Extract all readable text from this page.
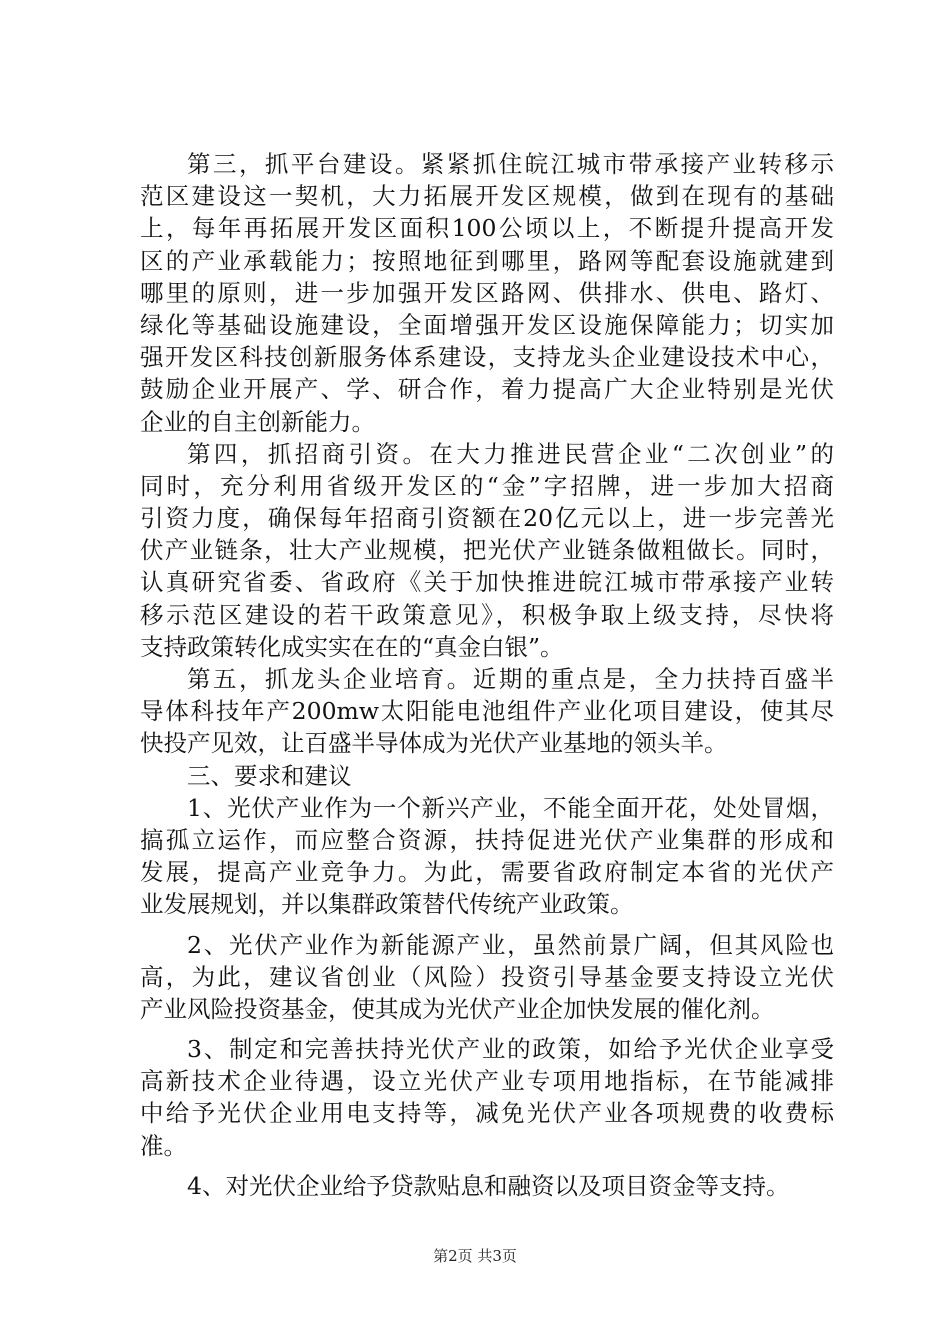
第三，抓平台建设。紧紧抓住皖江城市带承接产业转移示
范区建设这一契机，大力拓展开发区规模，做到在现有的基础
上，每年再拓展开发区面积100公顷以上，不断提升提高开发
区的产业承载能力；按照地征到哪里，路网等配套设施就建到
哪里的原则，进一步加强开发区路网、供排水、供电、路灯、
绿化等基础设施建设，全面增强开发区设施保障能力；切实加
强开发区科技创新服务体系建设，支持龙头企业建设技术中心，
鼓励企业开展产、学、研合作，着力提高广大企业特别是光伏
企业的自主创新能力。
第四，抓招商引资。在大力推进民营企业“二次创业”的
同时，充分利用省级开发区的“金”字招牌，进一步加大招商
引资力度，确保每年招商引资额在20亿元以上，进一步完善光
伏产业链条，壮大产业规模，把光伏产业链条做粗做长。同时，
认真研究省委、省政府《关于加快推进皖江城市带承接产业转
移示范区建设的若干政策意见》，积极争取上级支持，尽快将
支持政策转化成实实在在的“真金白银”。
第五，抓龙头企业培育。近期的重点是，全力扶持百盛半
导体科技年产200mw太阳能电池组件产业化项目建设，使其尽
快投产见效，让百盛半导体成为光伏产业基地的领头羊。
三、要求和建议
1、光伏产业作为一个新兴产业，不能全面开花，处处冒烟，
搞孤立运作，而应整合资源，扶持促进光伏产业集群的形成和
发展，提高产业竞争力。为此，需要省政府制定本省的光伏产
业发展规划，并以集群政策替代传统产业政策。
2、光伏产业作为新能源产业，虽然前景广阔，但其风险也
高，为此，建议省创业（风险）投资引导基金要支持设立光伏
产业风险投资基金，使其成为光伏产业企加快发展的催化剂。
3、制定和完善扶持光伏产业的政策，如给予光伏企业享受
高新技术企业待遇，设立光伏产业专项用地指标，在节能减排
中给予光伏企业用电支持等，减免光伏产业各项规费的收费标
准。
4、对光伏企业给予贷款贴息和融资以及项目资金等支持。
第2页 共3页
